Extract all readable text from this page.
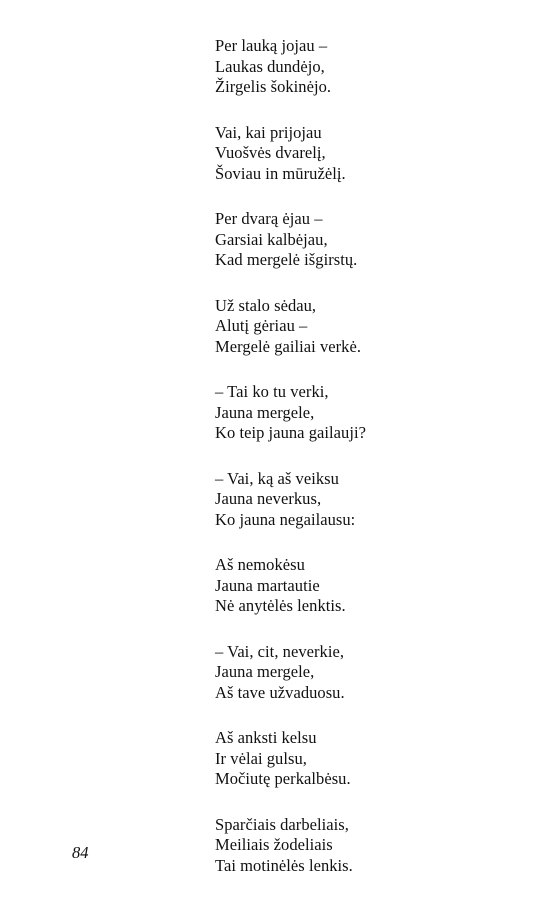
Per lauką jojau –
Laukas dundėjo,
Žirgelis šokinėjo.
Vai, kai prijojau
Vuošvės dvarelį,
Šoviau in mūružėlį.
Per dvarą ėjau –
Garsiai kalbėjau,
Kad mergelė išgirstų.
Už stalo sėdau,
Alutį gėriau –
Mergelė gailiai verkė.
– Tai ko tu verki,
Jauna mergele,
Ko teip jauna gailauji?
– Vai, ką aš veiksu
Jauna neverkus,
Ko jauna negailausu:
Aš nemokėsu
Jauna martautie
Nė anytėlės lenktis.
– Vai, cit, neverkie,
Jauna mergele,
Aš tave užvaduosu.
Aš anksti kelsu
Ir vėlai gulsu,
Močiutę perkalbėsu.
Sparčiais darbeliais,
Meiliais žodeliais
Tai motinėlės lenkis.
84
